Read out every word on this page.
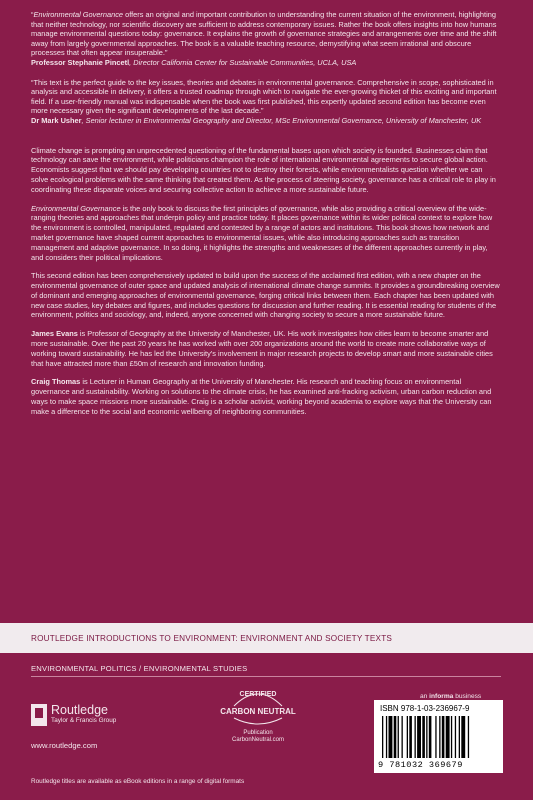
“Environmental Governance offers an original and important contribution to understanding the current situation of the environment, highlighting that neither technology, nor scientific discovery are sufficient to address contemporary issues. Rather the book offers insights into how humans manage environmental questions today: governance. It explains the growth of governance strategies and arrangements over time and the shift away from largely governmental approaches. The book is a valuable teaching resource, demystifying what seem irrational and obscure processes that often appear insuperable.”
Professor Stephanie Pincetl, Director California Center for Sustainable Communities, UCLA, USA
“This text is the perfect guide to the key issues, theories and debates in environmental governance. Comprehensive in scope, sophisticated in analysis and accessible in delivery, it offers a trusted roadmap through which to navigate the ever-growing thicket of this exciting and important field. If a user-friendly manual was indispensable when the book was first published, this expertly updated second edition has become even more necessary given the significant developments of the last decade.”
Dr Mark Usher, Senior lecturer in Environmental Geography and Director, MSc Environmental Governance, University of Manchester, UK

Climate change is prompting an unprecedented questioning of the fundamental bases upon which society is founded. Businesses claim that technology can save the environment, while politicians champion the role of international environmental agreements to secure global action. Economists suggest that we should pay developing countries not to destroy their forests, while environmentalists question whether we can solve ecological problems with the same thinking that created them. As the process of steering society, governance has a critical role to play in coordinating these disparate voices and securing collective action to achieve a more sustainable future.

Environmental Governance is the only book to discuss the first principles of governance, while also providing a critical overview of the wide-ranging theories and approaches that underpin policy and practice today. It places governance within its wider political context to explore how the environment is controlled, manipulated, regulated and contested by a range of actors and institutions. This book shows how network and market governance have shaped current approaches to environmental issues, while also introducing approaches such as transition management and adaptive governance. In so doing, it highlights the strengths and weaknesses of the different approaches currently in play, and considers their political implications.

This second edition has been comprehensively updated to build upon the success of the acclaimed first edition, with a new chapter on the environmental governance of outer space and updated analysis of international climate change summits. It provides a groundbreaking overview of dominant and emerging approaches of environmental governance, forging critical links between them. Each chapter has been updated with new case studies, key debates and figures, and includes questions for discussion and further reading. It is essential reading for students of the environment, politics and sociology, and, indeed, anyone concerned with changing society to secure a more sustainable future.

James Evans is Professor of Geography at the University of Manchester, UK. His work investigates how cities learn to become smarter and more sustainable. Over the past 20 years he has worked with over 200 organizations around the world to create more collaborative ways of working toward sustainability. He has led the University’s involvement in major research projects to develop smart and more sustainable cities that have attracted more than £50m of research and innovation funding.

Craig Thomas is Lecturer in Human Geography at the University of Manchester. His research and teaching focus on environmental governance and sustainability. Working on solutions to the climate crisis, he has examined anti-fracking activism, urban carbon reduction and ways to make space missions more sustainable. Craig is a scholar activist, working beyond academia to explore ways that the University can make a difference to the social and economic wellbeing of neighboring communities.

ROUTLEDGE INTRODUCTIONS TO ENVIRONMENT: ENVIRONMENT AND SOCIETY TEXTS
ENVIRONMENTAL POLITICS / ENVIRONMENTAL STUDIES
Routledge
Taylor & Francis Group
www.routledge.com
CERTIFIED
CARBON NEUTRAL
Publication
CarbonNeutral.com
an informa business
ISBN 978-1-03-236967-9
9 781032 369679
Routledge titles are available as eBook editions in a range of digital formats
